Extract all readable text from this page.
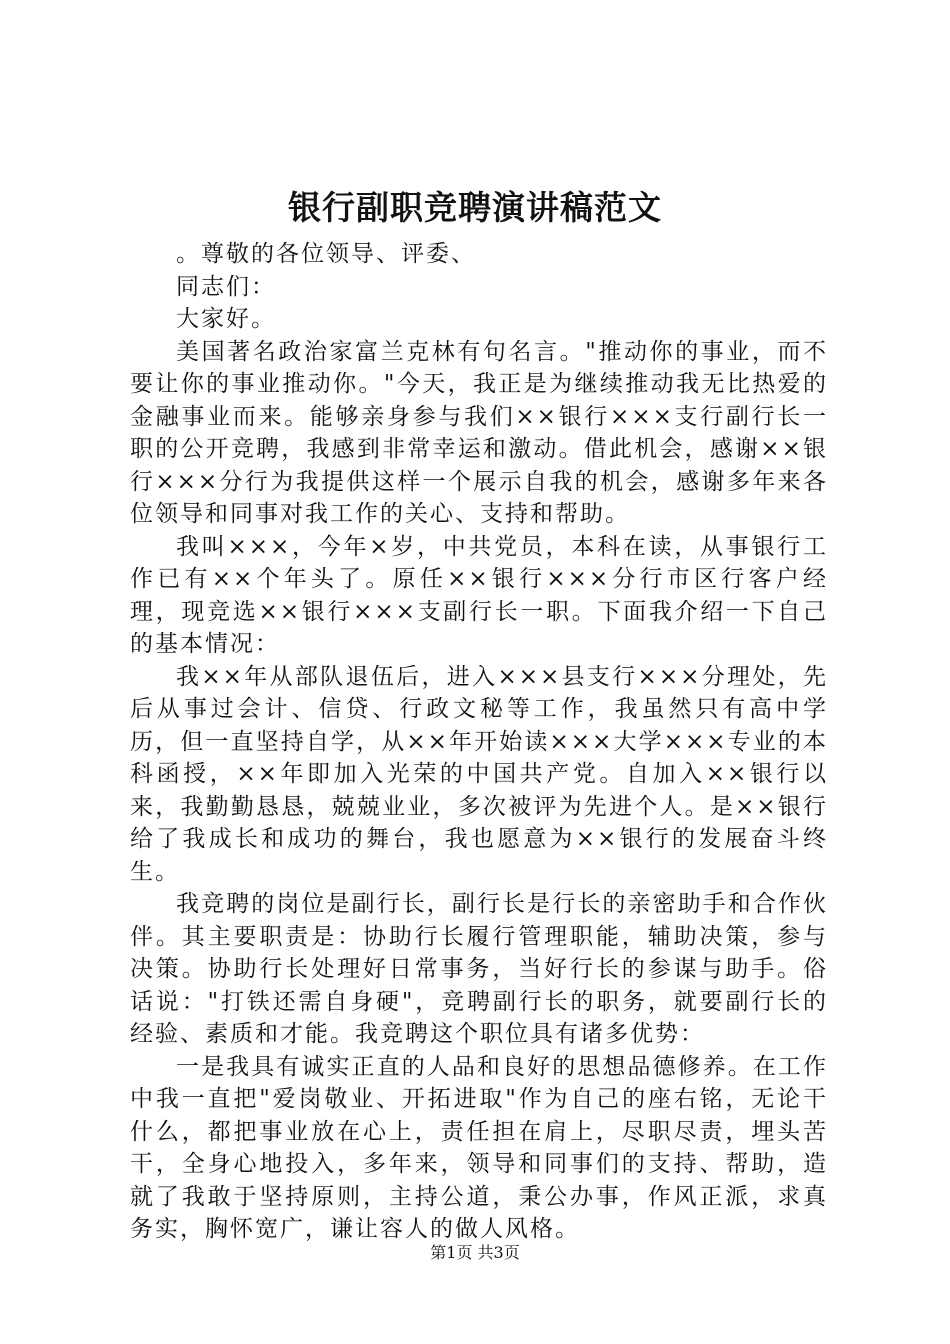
银行副职竞聘演讲稿范文

。尊敬的各位领导、评委、

同志们：

大家好。

美国著名政治家富兰克林有句名言。"推动你的事业，而不要让你的事业推动你。"今天，我正是为继续推动我无比热爱的金融事业而来。能够亲身参与我们××银行×××支行副行长一职的公开竞聘，我感到非常幸运和激动。借此机会，感谢××银行×××分行为我提供这样一个展示自我的机会，感谢多年来各位领导和同事对我工作的关心、支持和帮助。

我叫×××，今年×岁，中共党员，本科在读，从事银行工作已有××个年头了。原任××银行×××分行市区行客户经理，现竞选××银行×××支副行长一职。下面我介绍一下自己的基本情况：

我××年从部队退伍后，进入×××县支行×××分理处，先后从事过会计、信贷、行政文秘等工作，我虽然只有高中学历，但一直坚持自学，从××年开始读×××大学×××专业的本科函授，××年即加入光荣的中国共产党。自加入××银行以来，我勤勤恳恳，兢兢业业，多次被评为先进个人。是××银行给了我成长和成功的舞台，我也愿意为××银行的发展奋斗终生。

我竞聘的岗位是副行长，副行长是行长的亲密助手和合作伙伴。其主要职责是：协助行长履行管理职能，辅助决策，参与决策。协助行长处理好日常事务，当好行长的参谋与助手。俗话说："打铁还需自身硬"，竞聘副行长的职务，就要副行长的经验、素质和才能。我竞聘这个职位具有诸多优势：

一是我具有诚实正直的人品和良好的思想品德修养。在工作中我一直把"爱岗敬业、开拓进取"作为自己的座右铭，无论干什么，都把事业放在心上，责任担在肩上，尽职尽责，埋头苦干，全身心地投入，多年来，领导和同事们的支持、帮助，造就了我敢于坚持原则，主持公道，秉公办事，作风正派，求真务实，胸怀宽广，谦让容人的做人风格。

第1页 共3页
